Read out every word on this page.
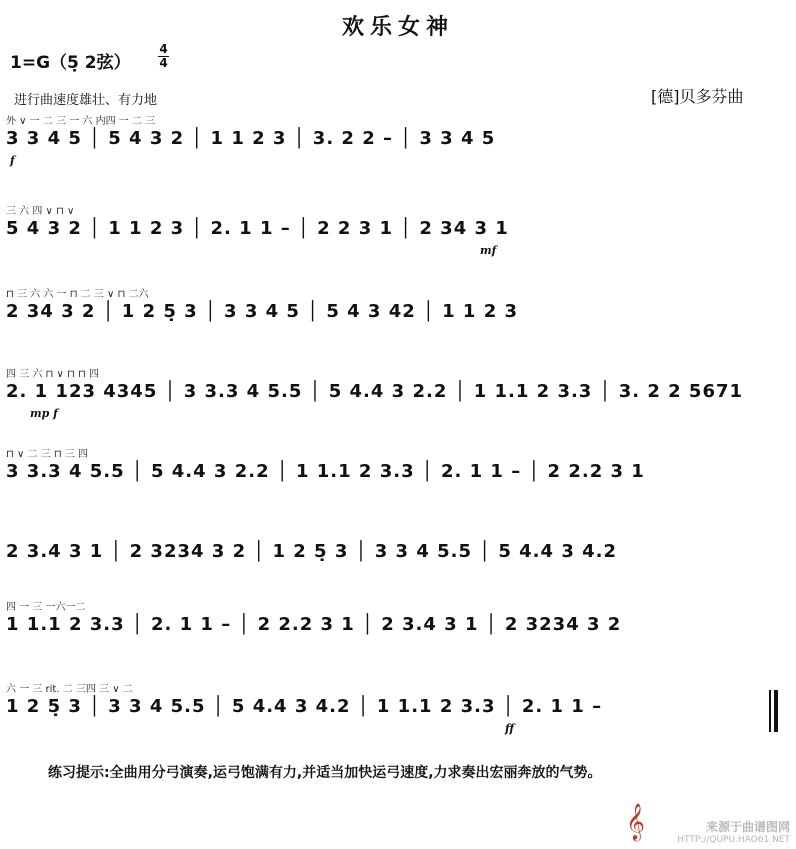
欢乐女神
1=G（5̣ 2弦）
4
4
进行曲速度雄壮、有力地	[德]贝多芬曲
外 ∨ 一 二 三 一 六 内四 一 二 三
3 3 4 5 │ 5 4 3 2 │ 1 1 2 3 │ 3. 2 2 – │ 3 3 4 5
f
三 六 四 ∨ ⊓ ∨
5 4 3 2 │ 1 1 2 3 │ 2. 1 1 – │ 2 2 3 1 │ 2 34 3 1
mf
⊓ 三 六 六 一 ⊓ 二 三 ∨ ⊓ 二六
2 34 3 2 │ 1 2 5̣ 3 │ 3 3 4 5 │ 5 4 3 42 │ 1 1 2 3
四 三 六 ⊓ ∨ ⊓ ⊓ 四
2. 1 123 4345 │ 3 3.3 4 5.5 │ 5 4.4 3 2.2 │ 1 1.1 2 3.3 │ 3. 2 2 5671
mp f
⊓ ∨ 二 三 ⊓ 三 四
3 3.3 4 5.5 │ 5 4.4 3 2.2 │ 1 1.1 2 3.3 │ 2. 1 1 – │ 2 2.2 3 1
2 3.4 3 1 │ 2 3234 3 2 │ 1 2 5̣ 3 │ 3 3 4 5.5 │ 5 4.4 3 4.2
四 一 三 一六一二
1 1.1 2 3.3 │ 2. 1 1 – │ 2 2.2 3 1 │ 2 3.4 3 1 │ 2 3234 3 2
六 一 三 rit. 二 三四 三 ∨ 二
1 2 5̣ 3 │ 3 3 4 5.5 │ 5 4.4 3 4.2 │ 1 1.1 2 3.3 │ 2. 1 1 –
ff
练习提示:全曲用分弓演奏,运弓饱满有力,并适当加快运弓速度,力求奏出宏丽奔放的气势。
𝄞	来源于曲谱图网
HTTP://QUPU.HAO61.NET
